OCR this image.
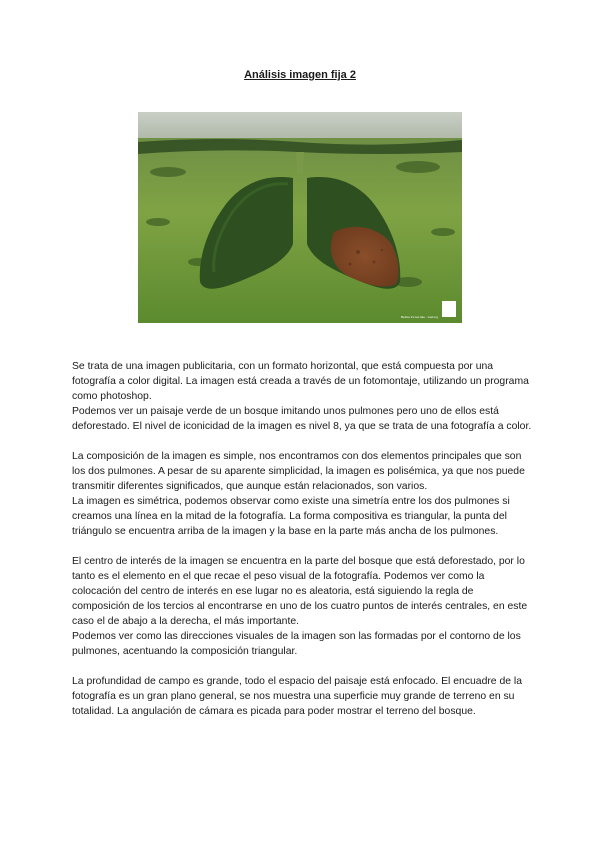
Análisis imagen fija 2
Before it's too late · wwf.org

Se trata de una imagen publicitaria, con un formato horizontal, que está compuesta por una fotografía a color digital. La imagen está creada a través de un fotomontaje, utilizando un programa como photoshop.
Podemos ver un paisaje verde de un bosque imitando unos pulmones pero uno de ellos está deforestado. El nivel de iconicidad de la imagen es nivel 8, ya que se trata de una fotografía a color.

La composición de la imagen es simple, nos encontramos con dos elementos principales que son los dos pulmones. A pesar de su aparente simplicidad, la imagen es polisémica, ya que nos puede transmitir diferentes significados, que aunque están relacionados, son varios.
La imagen es simétrica, podemos observar como existe una simetría entre los dos pulmones si creamos una línea en la mitad de la fotografía. La forma compositiva es triangular, la punta del triángulo se encuentra arriba de la imagen y la base en la parte más ancha de los pulmones.

El centro de interés de la imagen se encuentra en la parte del bosque que está deforestado, por lo tanto es el elemento en el que recae el peso visual de la fotografía. Podemos ver como la colocación del centro de interés en ese lugar no es aleatoria, está siguiendo la regla de composición de los tercios al encontrarse en uno de los cuatro puntos de interés centrales, en este caso el de abajo a la derecha, el más importante.
Podemos ver como las direcciones visuales de la imagen son las formadas por el contorno de los pulmones, acentuando la composición triangular.

La profundidad de campo es grande, todo el espacio del paisaje está enfocado. El encuadre de la fotografía es un gran plano general, se nos muestra una superficie muy grande de terreno en su totalidad. La angulación de cámara es picada para poder mostrar el terreno del bosque.
